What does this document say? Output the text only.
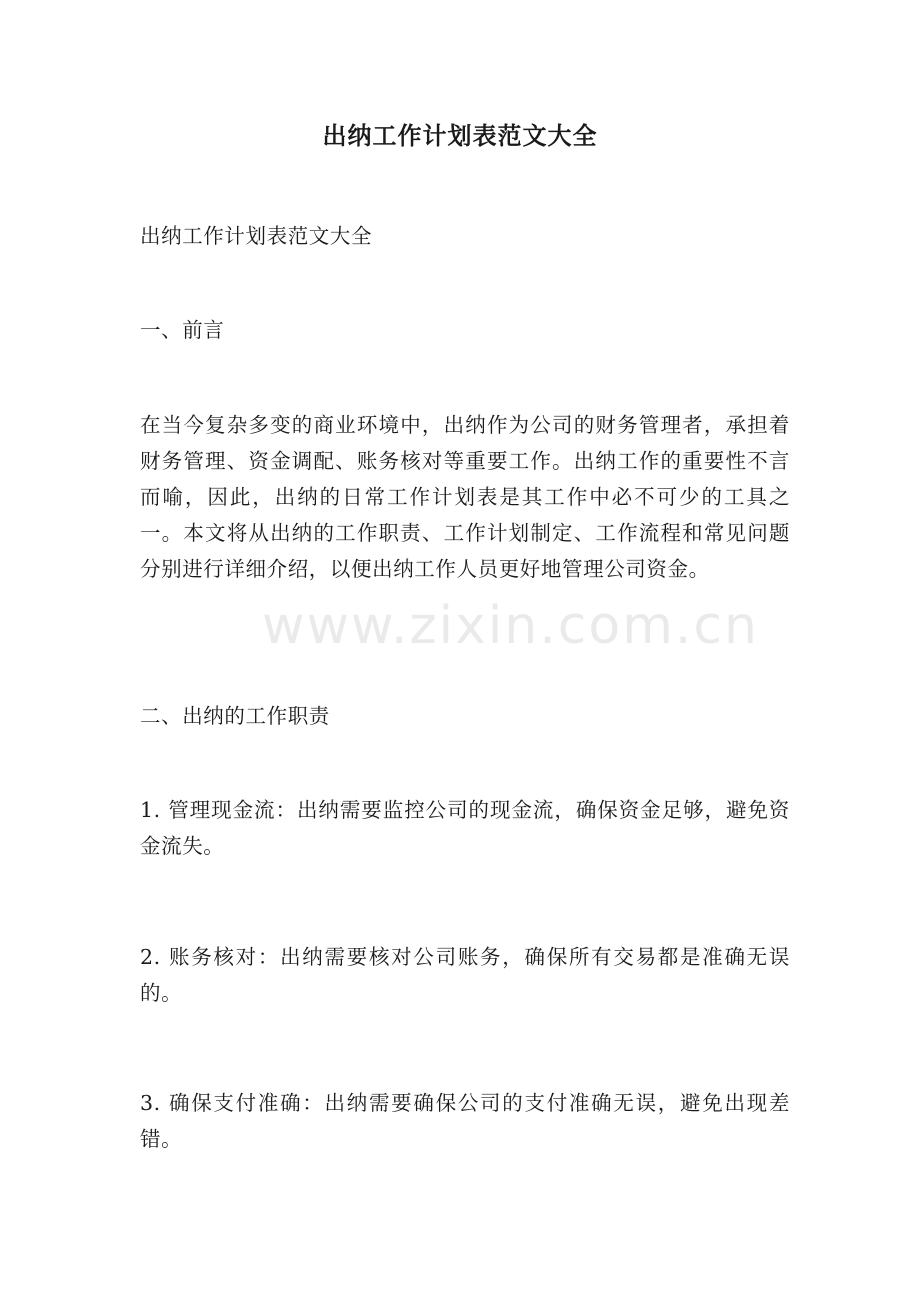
出纳工作计划表范文大全
出纳工作计划表范文大全
一、前言
在当今复杂多变的商业环境中，出纳作为公司的财务管理者，承担着财务管理、资金调配、账务核对等重要工作。出纳工作的重要性不言而喻，因此，出纳的日常工作计划表是其工作中必不可少的工具之一。本文将从出纳的工作职责、工作计划制定、工作流程和常见问题分别进行详细介绍，以便出纳工作人员更好地管理公司资金。
二、出纳的工作职责
1. 管理现金流：出纳需要监控公司的现金流，确保资金足够，避免资金流失。
2. 账务核对：出纳需要核对公司账务，确保所有交易都是准确无误的。
3. 确保支付准确：出纳需要确保公司的支付准确无误，避免出现差错。
www.zixin.com.cn
